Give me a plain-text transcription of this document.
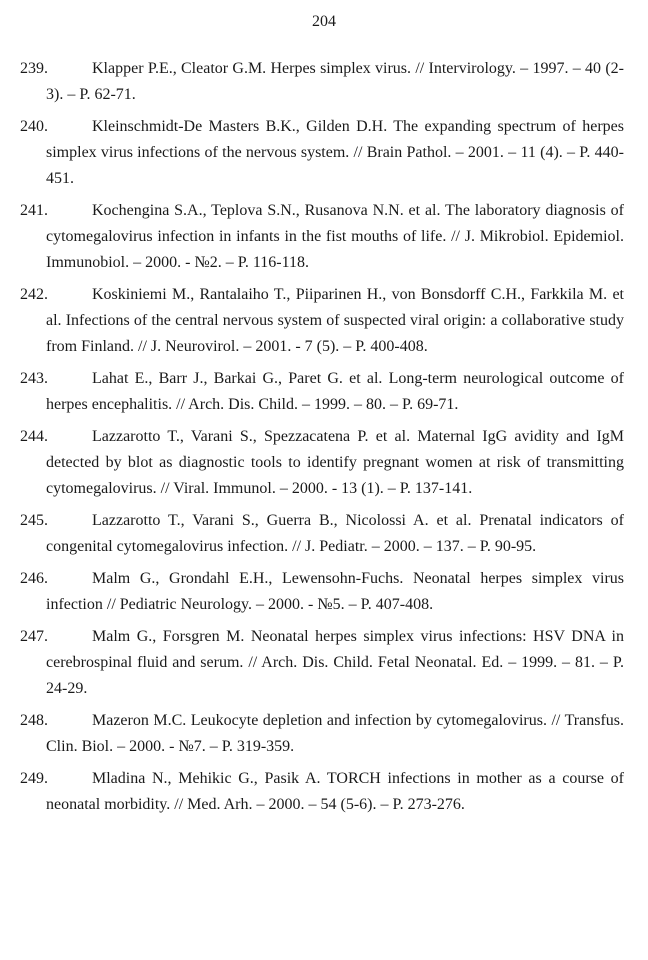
204

239.	Klapper P.E., Cleator G.M. Herpes simplex virus. // Intervirology. – 1997. – 40 (2-3). – P. 62-71.

240.	Kleinschmidt-De Masters B.K., Gilden D.H. The expanding spectrum of herpes simplex virus infections of the nervous system. // Brain Pathol. – 2001. – 11 (4). – P. 440-451.

241.	Kochengina S.A., Teplova S.N., Rusanova N.N. et al. The laboratory diagnosis of cytomegalovirus infection in infants in the fist mouths of life. // J. Mikrobiol. Epidemiol. Immunobiol. – 2000. - №2. – P. 116-118.

242.	Koskiniemi M., Rantalaiho T., Piiparinen H., von Bonsdorff C.H., Farkkila M. et al. Infections of the central nervous system of suspected viral origin: a collaborative study from Finland. // J. Neurovirol. – 2001. - 7 (5). – P. 400-408.

243.	Lahat E., Barr J., Barkai G., Paret G. et al. Long-term neurological outcome of herpes encephalitis. // Arch. Dis. Child. – 1999. – 80. – P. 69-71.

244.	Lazzarotto T., Varani S., Spezzacatena P. et al. Maternal IgG avidity and IgM detected by blot as diagnostic tools to identify pregnant women at risk of transmitting cytomegalovirus. // Viral. Immunol. – 2000. - 13 (1). – P. 137-141.

245.	Lazzarotto T., Varani S., Guerra B., Nicolossi A. et al. Prenatal indicators of congenital cytomegalovirus infection. // J. Pediatr. – 2000. – 137. – P. 90-95.

246.	Malm G., Grondahl E.H., Lewensohn-Fuchs. Neonatal herpes simplex virus infection // Pediatric Neurology. – 2000. - №5. – P. 407-408.

247.	Malm G., Forsgren M. Neonatal herpes simplex virus infections: HSV DNA in cerebrospinal fluid and serum. // Arch. Dis. Child. Fetal Neonatal. Ed. – 1999. – 81. – P. 24-29.

248.	Mazeron M.C. Leukocyte depletion and infection by cytomegalovirus. // Transfus. Clin. Biol. – 2000. - №7. – P. 319-359.

249.	Mladina N., Mehikic G., Pasik A. TORCH infections in mother as a course of neonatal morbidity. // Med. Arh. – 2000. – 54 (5-6). – P. 273-276.
